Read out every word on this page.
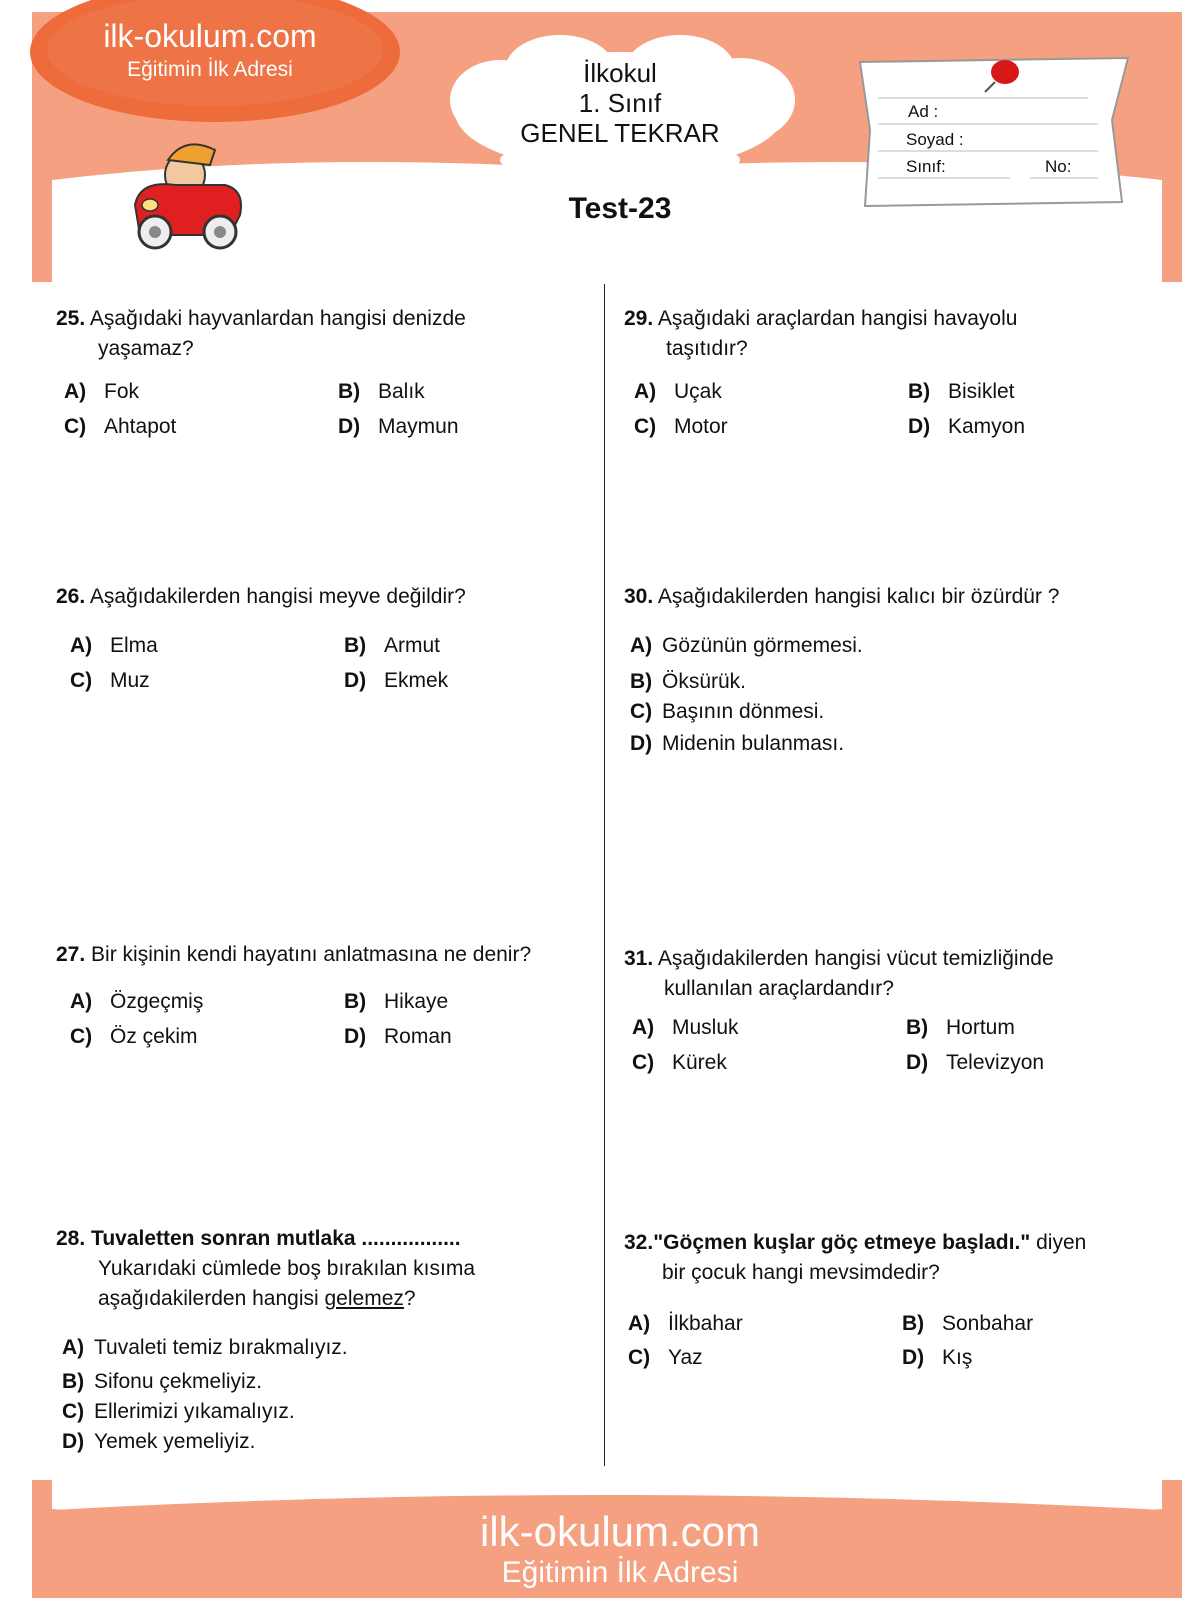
ilk-okulum.com
Eğitimin İlk Adresi	İlkokul
1. Sınıf
GENEL TEKRAR
Test-23
Ad :
Soyad :
Sınıf:	No:
25. Aşağıdaki hayvanlardan hangisi denizde
yaşamaz?
A) Fok	B) Balık
C) Ahtapot	D) Maymun
26. Aşağıdakilerden hangisi meyve değildir?
A) Elma	B) Armut
C) Muz	D) Ekmek
27. Bir kişinin kendi hayatını anlatmasına ne denir?
A) Özgeçmiş	B) Hikaye
C) Öz çekim	D) Roman
28. Tuvaletten sonran mutlaka .................
Yukarıdaki cümlede boş bırakılan kısıma
aşağıdakilerden hangisi gelemez?
A) Tuvaleti temiz bırakmalıyız.
B) Sifonu çekmeliyiz.
C) Ellerimizi yıkamalıyız.
D) Yemek yemeliyiz.
29. Aşağıdaki araçlardan hangisi havayolu
taşıtıdır?
A) Uçak	B) Bisiklet
C) Motor	D) Kamyon
30. Aşağıdakilerden hangisi kalıcı bir özürdür ?
A) Gözünün görmemesi.
B) Öksürük.
C) Başının dönmesi.
D) Midenin bulanması.
31. Aşağıdakilerden hangisi vücut temizliğinde
kullanılan araçlardandır?
A) Musluk	B) Hortum
C) Kürek	D) Televizyon
32."Göçmen kuşlar göç etmeye başladı." diyen
bir çocuk hangi mevsimdedir?
A) İlkbahar	B) Sonbahar
C) Yaz	D) Kış
ilk-okulum.com
Eğitimin İlk Adresi
